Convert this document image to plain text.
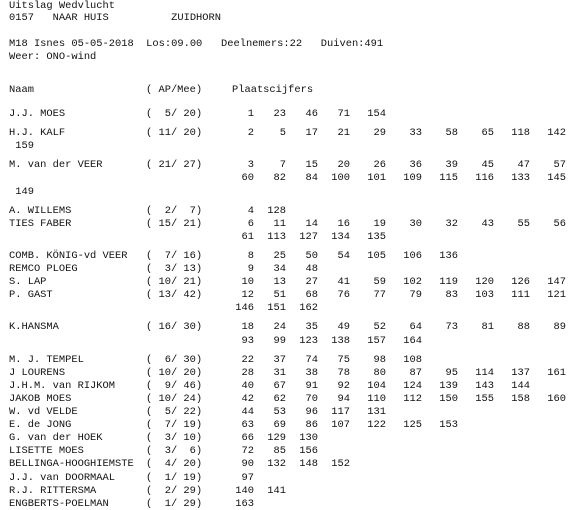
Uitslag Wedvlucht
0157   NAAR HUIS          ZUIDHORN
M18 Isnes 05-05-2018  Los:09.00   Deelnemers:22   Duiven:491
Weer: ONO-wind

Naam

	( AP/Mee)

	Plaatscijfers

J.J. MOES	(  5/ 20)	1	23	46	71	154
H.J. KALF	( 11/ 20)	2	5	17	21	29	33	58	65	118	142
159
M. van der VEER	( 21/ 27)	3	7	15	20	26	36	39	45	47	57
60	82	84	100	101	109	115	116	133	145
149
A. WILLEMS	(  2/  7)	4	128
TIES FABER	( 15/ 21)	6	11	14	16	19	30	32	43	55	56
61	113	127	134	135
COMB. KÖNIG-vd VEER (  7/ 16)	8	25	50	54	105	106	136
REMCO PLOEG	(  3/ 13)	9	34	48
S. LAP	( 10/ 21)	10	13	27	41	59	102	119	120	126	147
P. GAST	( 13/ 42)	12	51	68	76	77	79	83	103	111	121
146	151	162
K.HANSMA	( 16/ 30)	18	24	35	49	52	64	73	81	88	89
93	99	123	138	157	164
M. J. TEMPEL	(  6/ 30)	22	37	74	75	98	108
J LOURENS	( 10/ 20)	28	31	38	78	80	87	95	114	137	161
J.H.M. van RIJKOM	(  9/ 46)	40	67	91	92	104	124	139	143	144
JAKOB MOES	( 10/ 24)	42	62	70	94	110	112	150	155	158	160
W. vd VELDE	(  5/ 22)	44	53	96	117	131
E. de JONG	(  7/ 19)	63	69	86	107	122	125	153
G. van der HOEK	(  3/ 10)	66	129	130
LISETTE MOES	(  3/  6)	72	85	156
BELLINGA-HOOGHIEMSTE (  4/ 20)	90	132	148	152
J.J. van DOORMAAL	(  1/ 19)	97
R.J. RITTERSMA	(  2/ 29)	140	141
ENGBERTS-POELMAN	(  1/ 29)	163
